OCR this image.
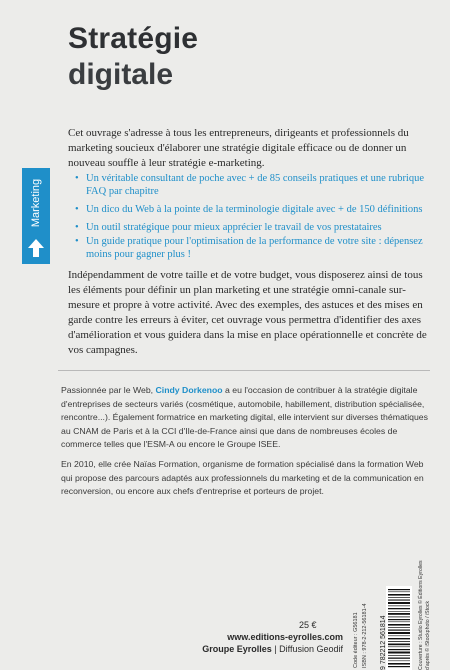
Stratégie
digitale
Marketing

Cet ouvrage s'adresse à tous les entrepreneurs, dirigeants et professionnels du marketing soucieux d'élaborer une stratégie digitale efficace ou de donner un nouveau souffle à leur stratégie e-marketing.

• Un véritable consultant de poche avec + de 85 conseils pratiques et une rubrique FAQ par chapitre
• Un dico du Web à la pointe de la terminologie digitale avec + de 150 définitions
• Un outil stratégique pour mieux apprécier le travail de vos prestataires
• Un guide pratique pour l'optimisation de la performance de votre site : dépensez moins pour gagner plus !

Indépendamment de votre taille et de votre budget, vous disposerez ainsi de tous les éléments pour définir un plan marketing et une stratégie omni-canale sur-mesure et propre à votre activité. Avec des exemples, des astuces et des mises en garde contre les erreurs à éviter, cet ouvrage vous permettra d'identifier des axes d'amélioration et vous guidera dans la mise en place opérationnelle et concrète de vos campagnes.

Passionnée par le Web, Cindy Dorkenoo a eu l'occasion de contribuer à la stratégie digitale d'entreprises de secteurs variés (cosmétique, automobile, habillement, distribution spécialisée, rencontre...). Également formatrice en marketing digital, elle intervient sur diverses thématiques au CNAM de Paris et à la CCI d'Ile-de-France ainsi que dans de nombreuses écoles de commerce telles que l'ESM-A ou encore le Groupe ISEE.

En 2010, elle crée Naïas Formation, organisme de formation spécialisé dans la formation Web qui propose des parcours adaptés aux professionnels du marketing et de la communication en reconversion, ou encore aux chefs d'entreprise et porteurs de projet.

25 €
www.editions-eyrolles.com
Groupe Eyrolles | Diffusion Geodif Code éditeur : G56181 ISBN : 978-2-212-56181-4 9 782212 561814	Couverture : Studio Eyrolles © Éditions Eyrolles d'après © iStockphoto / iStock
